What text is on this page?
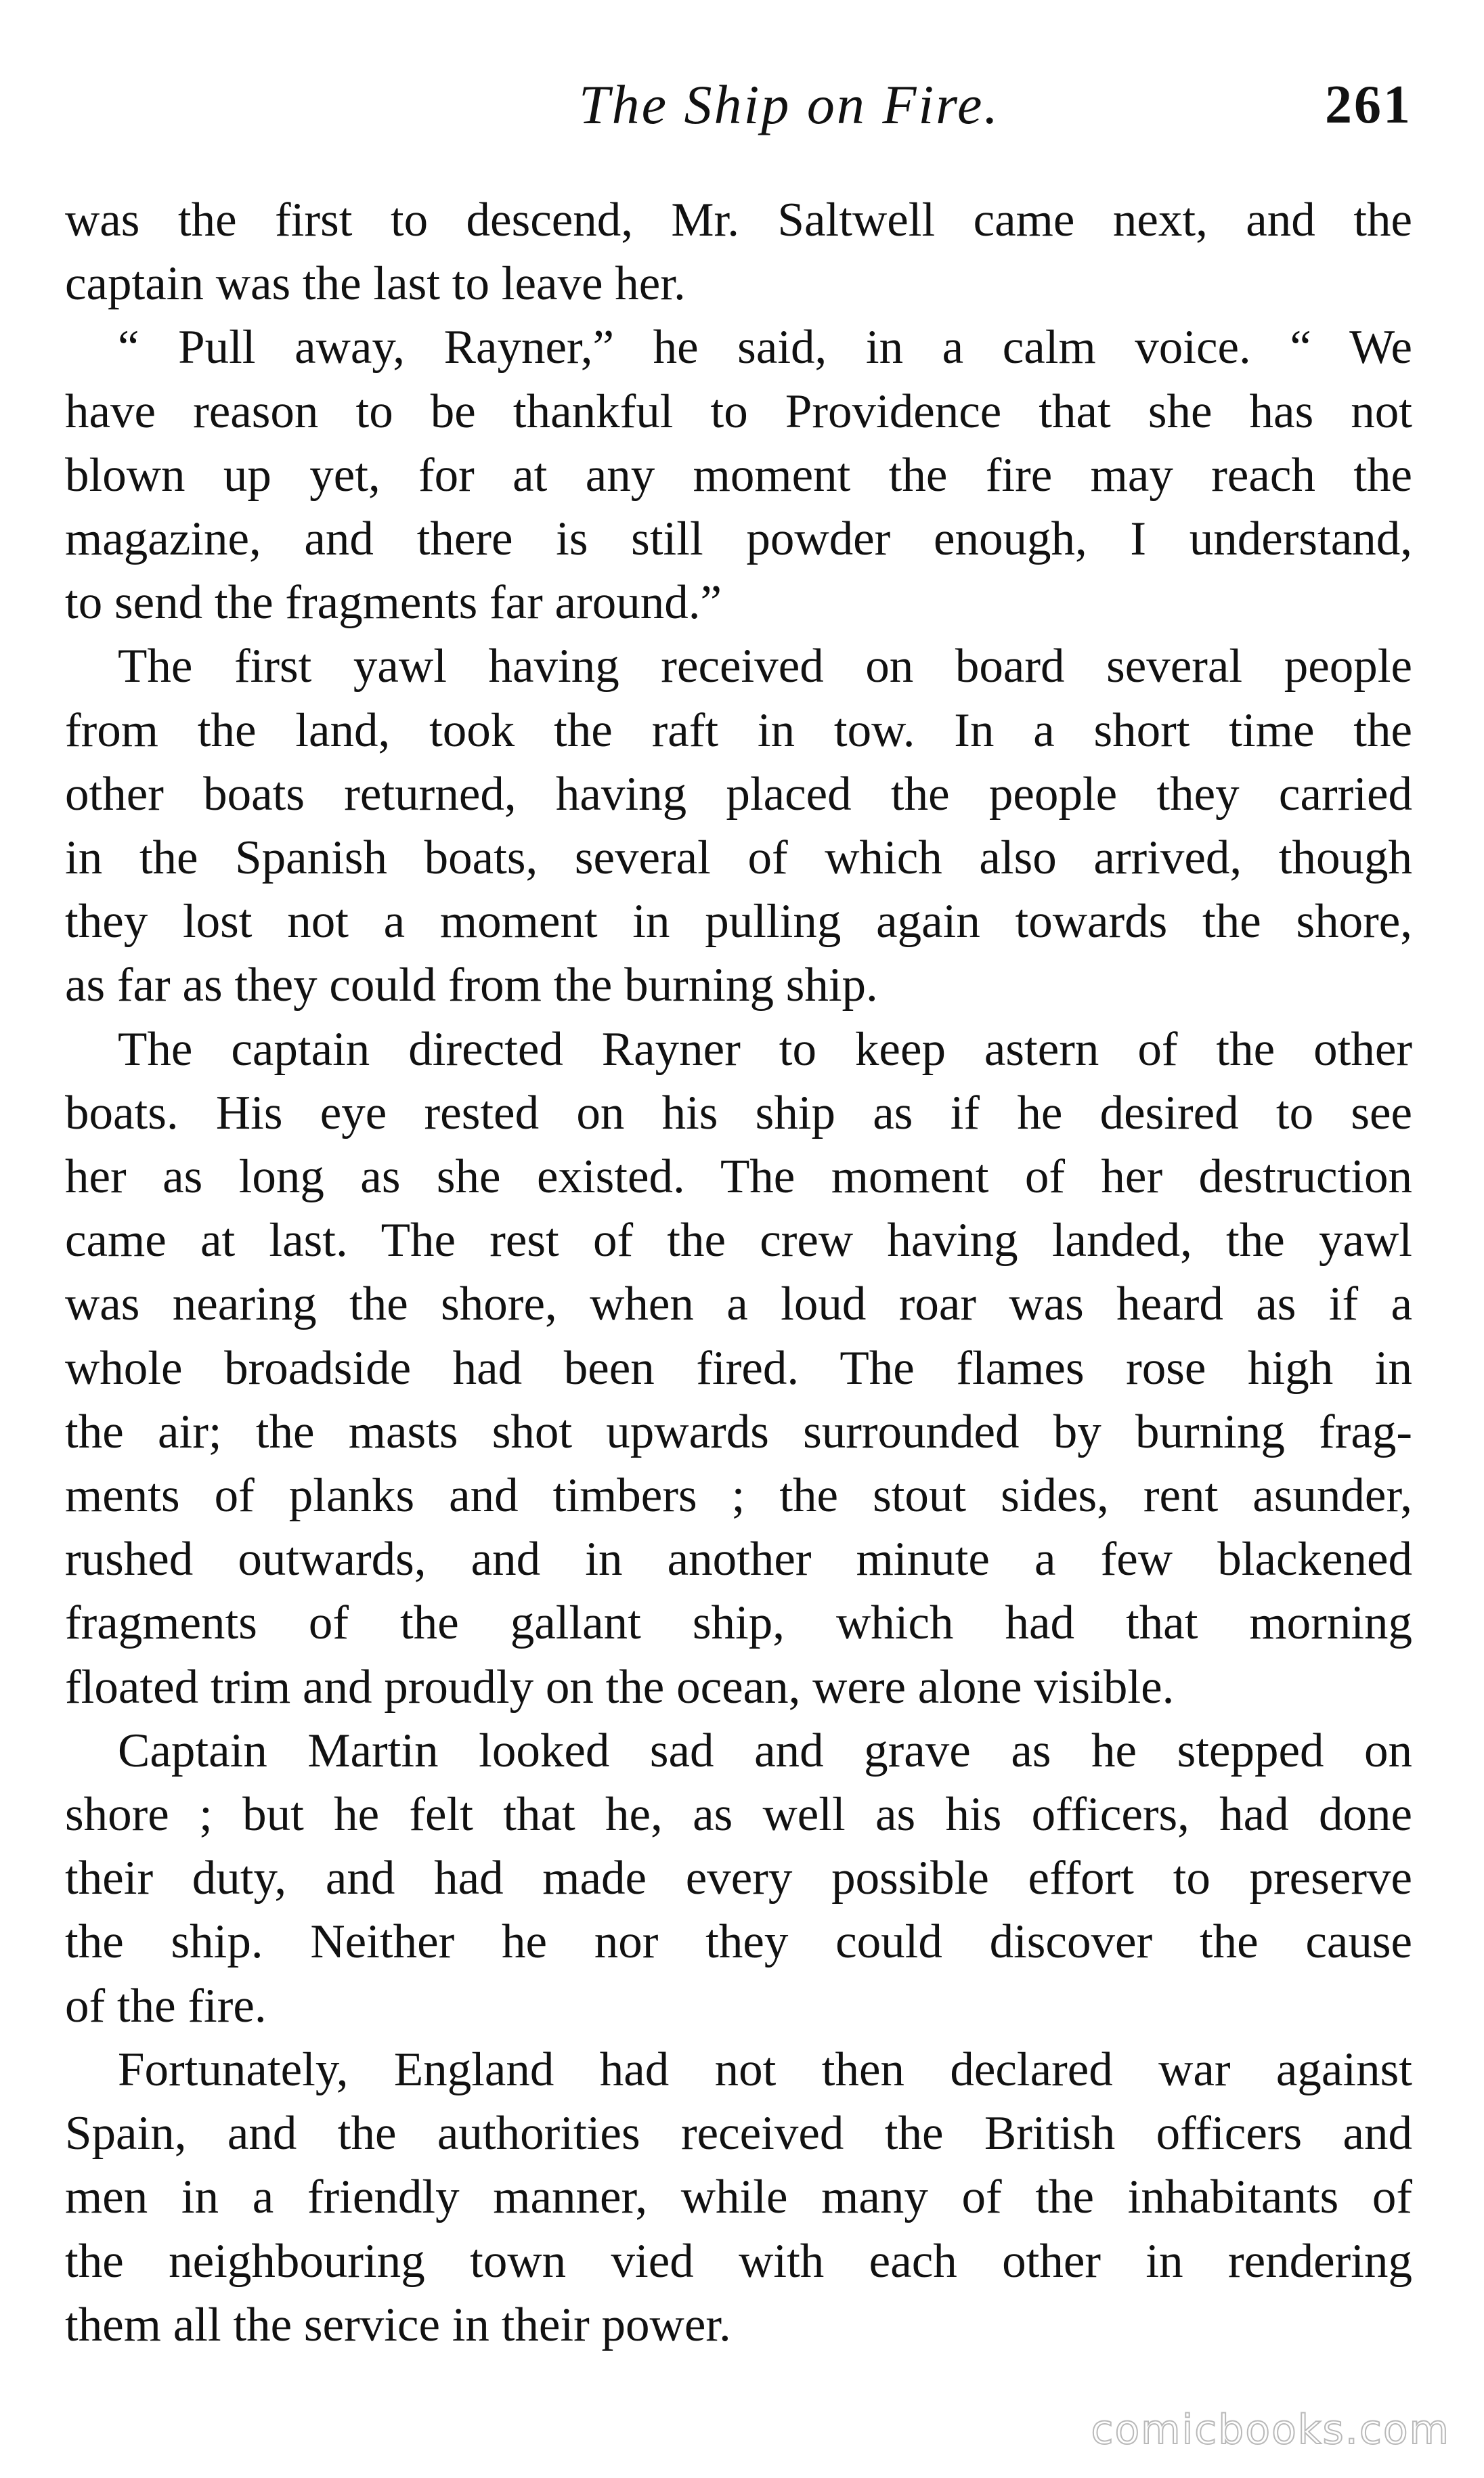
The Ship on Fire.	261

was the first to descend, Mr. Saltwell came next, and the
captain was the last to leave her.

“ Pull away, Rayner,” he said, in a calm voice. “ We
have reason to be thankful to Providence that she has not
blown up yet, for at any moment the fire may reach the
magazine, and there is still powder enough, I understand,
to send the fragments far around.”

The first yawl having received on board several people
from the land, took the raft in tow. In a short time the
other boats returned, having placed the people they carried
in the Spanish boats, several of which also arrived, though
they lost not a moment in pulling again towards the shore,
as far as they could from the burning ship.

The captain directed Rayner to keep astern of the other
boats. His eye rested on his ship as if he desired to see
her as long as she existed. The moment of her destruction
came at last. The rest of the crew having landed, the yawl
was nearing the shore, when a loud roar was heard as if a
whole broadside had been fired. The flames rose high in
the air; the masts shot upwards surrounded by burning frag-
ments of planks and timbers ; the stout sides, rent asunder,
rushed outwards, and in another minute a few blackened
fragments of the gallant ship, which had that morning
floated trim and proudly on the ocean, were alone visible.

Captain Martin looked sad and grave as he stepped on
shore ; but he felt that he, as well as his officers, had done
their duty, and had made every possible effort to preserve
the ship. Neither he nor they could discover the cause
of the fire.

Fortunately, England had not then declared war against
Spain, and the authorities received the British officers and
men in a friendly manner, while many of the inhabitants of
the neighbouring town vied with each other in rendering
them all the service in their power.

comicbooks.com
